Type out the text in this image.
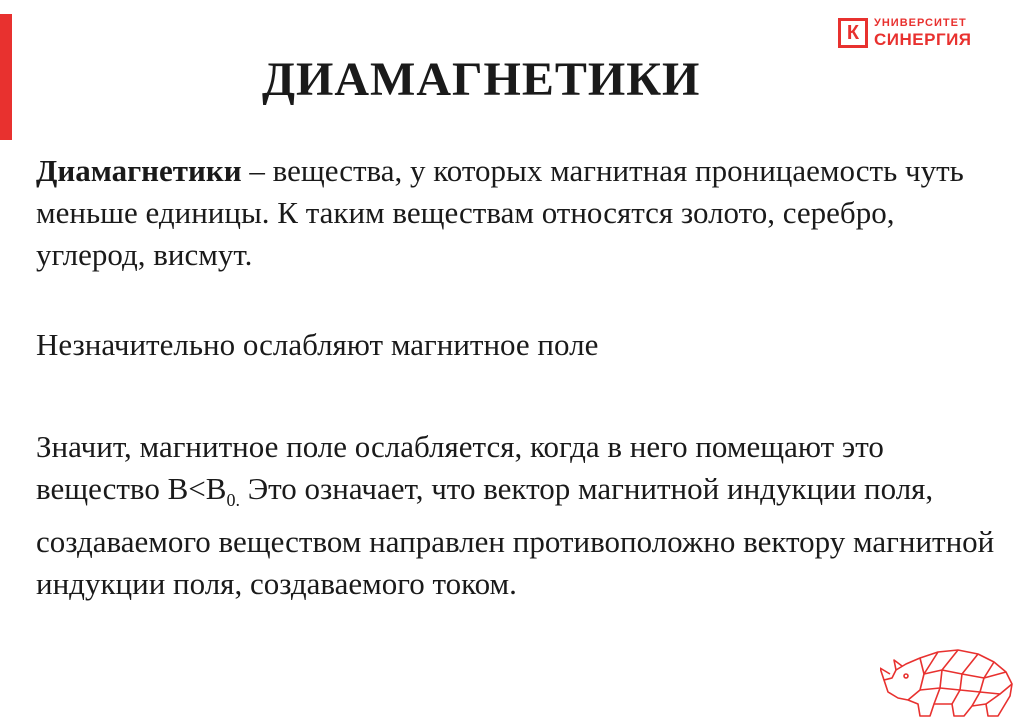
К	УНИВЕРСИТЕТ
СИНЕРГИЯ
ДИАМАГНЕТИКИ

Диамагнетики – вещества, у которых магнитная проницаемость чуть меньше единицы. К таким веществам относятся золото, серебро, углерод, висмут.

Незначительно ослабляют магнитное поле

Значит, магнитное поле ослабляется, когда в него помещают это вещество $B<B_{0.}$ Это означает, что вектор магнитной индукции поля, создаваемого веществом направлен противоположно вектору магнитной индукции поля, создаваемого током.
